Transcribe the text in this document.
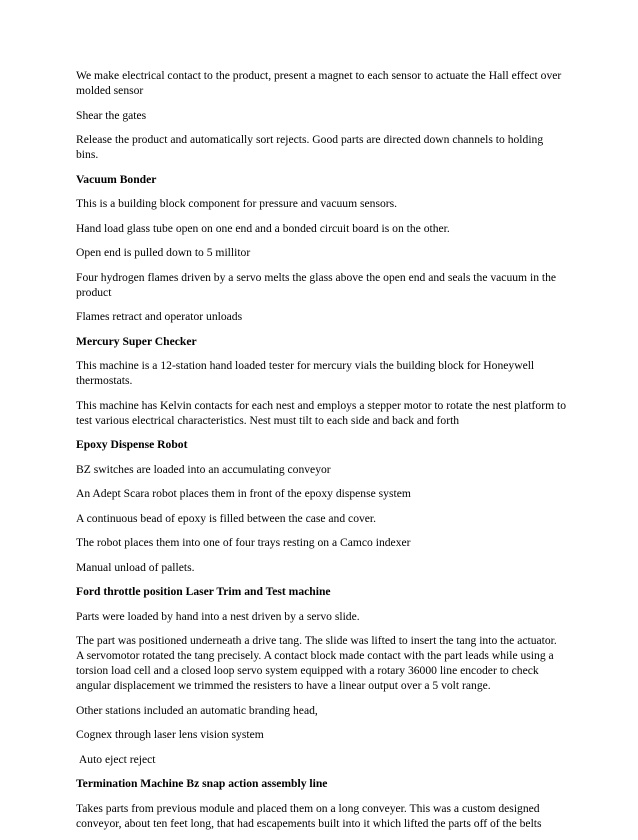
We make electrical contact to the product, present a magnet to each sensor to actuate the Hall effect over molded sensor

Shear the gates

Release the product and automatically sort rejects. Good parts are directed down channels to holding bins.

Vacuum Bonder

This is a building block component for pressure and vacuum sensors.

Hand load glass tube open on one end and a bonded circuit board is on the other.

Open end is pulled down to 5 millitor

Four hydrogen flames driven by a servo melts the glass above the open end and seals the vacuum in the product

Flames retract and operator unloads

Mercury Super Checker

This machine is a 12-station hand loaded tester for mercury vials the building block for Honeywell thermostats.

This machine has Kelvin contacts for each nest and employs a stepper motor to rotate the nest platform to test various electrical characteristics. Nest must tilt to each side and back and forth

Epoxy Dispense Robot

BZ switches are loaded into an accumulating conveyor

An Adept Scara robot places them in front of the epoxy dispense system

A continuous bead of epoxy is filled between the case and cover.

The robot places them into one of four trays resting on a Camco indexer

Manual unload of pallets.

Ford throttle position Laser Trim and Test machine

Parts were loaded by hand into a nest driven by a servo slide.

The part was positioned underneath a drive tang. The slide was lifted to insert the tang into the actuator. A servomotor rotated the tang precisely. A contact block made contact with the part leads while using a torsion load cell and a closed loop servo system equipped with a rotary 36000 line encoder to check angular displacement we trimmed the resisters to have a linear output over a 5 volt range.

Other stations included an automatic branding head,

Cognex through laser lens vision system

Auto eject reject

Termination Machine Bz snap action assembly line

Takes parts from previous module and placed them on a long conveyer. This was a custom designed conveyor, about ten feet long, that had escapements built into it which lifted the parts off of the belts
